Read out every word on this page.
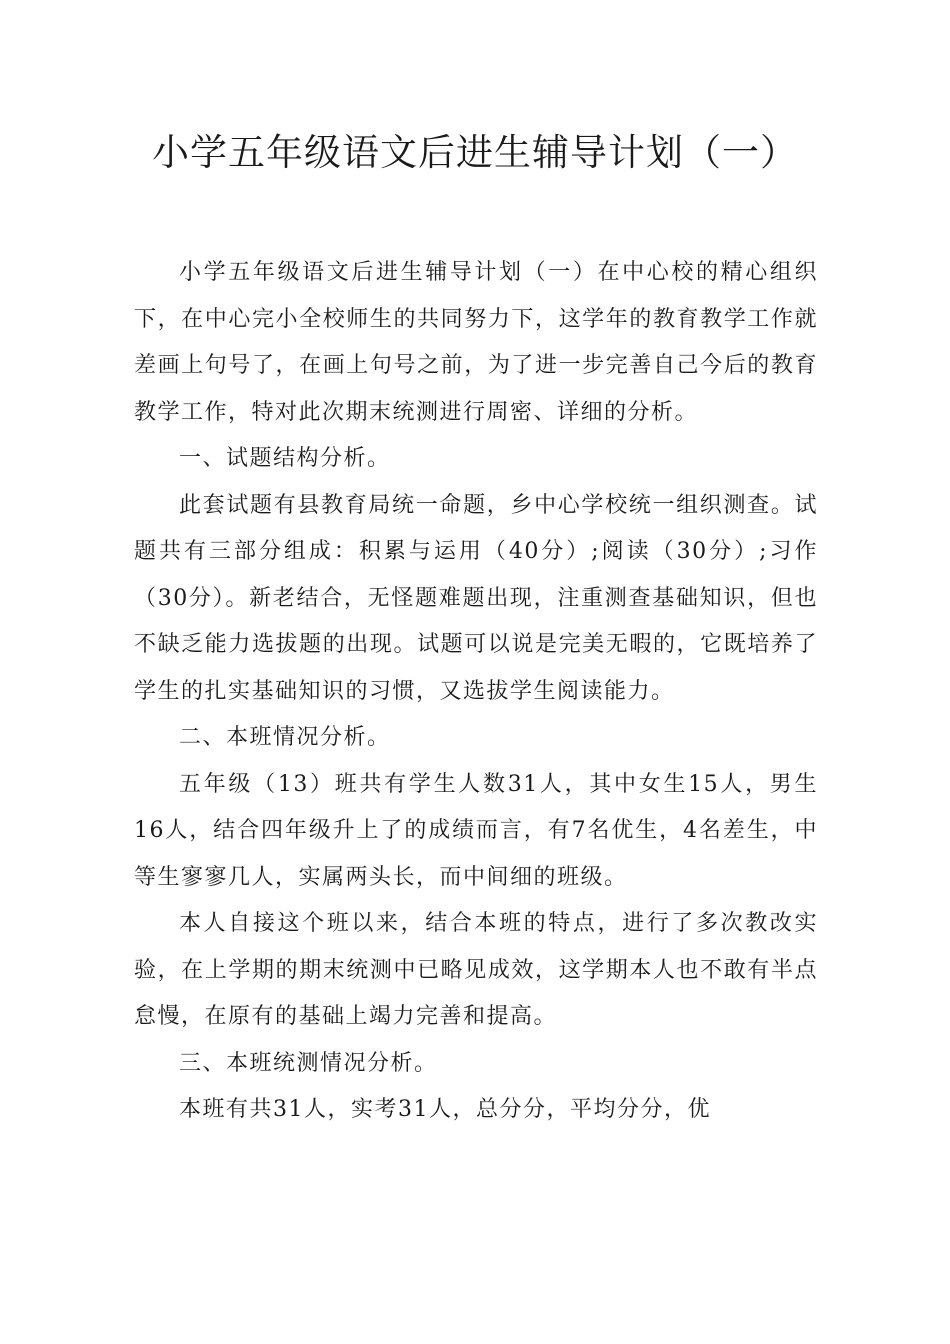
小学五年级语文后进生辅导计划（一）

小学五年级语文后进生辅导计划（一）在中心校的精心组织下，在中心完小全校师生的共同努力下，这学年的教育教学工作就差画上句号了，在画上句号之前，为了进一步完善自己今后的教育教学工作，特对此次期末统测进行周密、详细的分析。

一、试题结构分析。

此套试题有县教育局统一命题，乡中心学校统一组织测查。试题共有三部分组成：积累与运用（40分）;阅读（30分）;习作（30分）。新老结合，无怪题难题出现，注重测查基础知识，但也不缺乏能力选拔题的出现。试题可以说是完美无暇的，它既培养了学生的扎实基础知识的习惯，又选拔学生阅读能力。

二、本班情况分析。

五年级（13）班共有学生人数31人，其中女生15人，男生16人，结合四年级升上了的成绩而言，有7名优生，4名差生，中等生寥寥几人，实属两头长，而中间细的班级。

本人自接这个班以来，结合本班的特点，进行了多次教改实验，在上学期的期末统测中已略见成效，这学期本人也不敢有半点怠慢，在原有的基础上竭力完善和提高。

三、本班统测情况分析。

本班有共31人，实考31人，总分分，平均分分，优
